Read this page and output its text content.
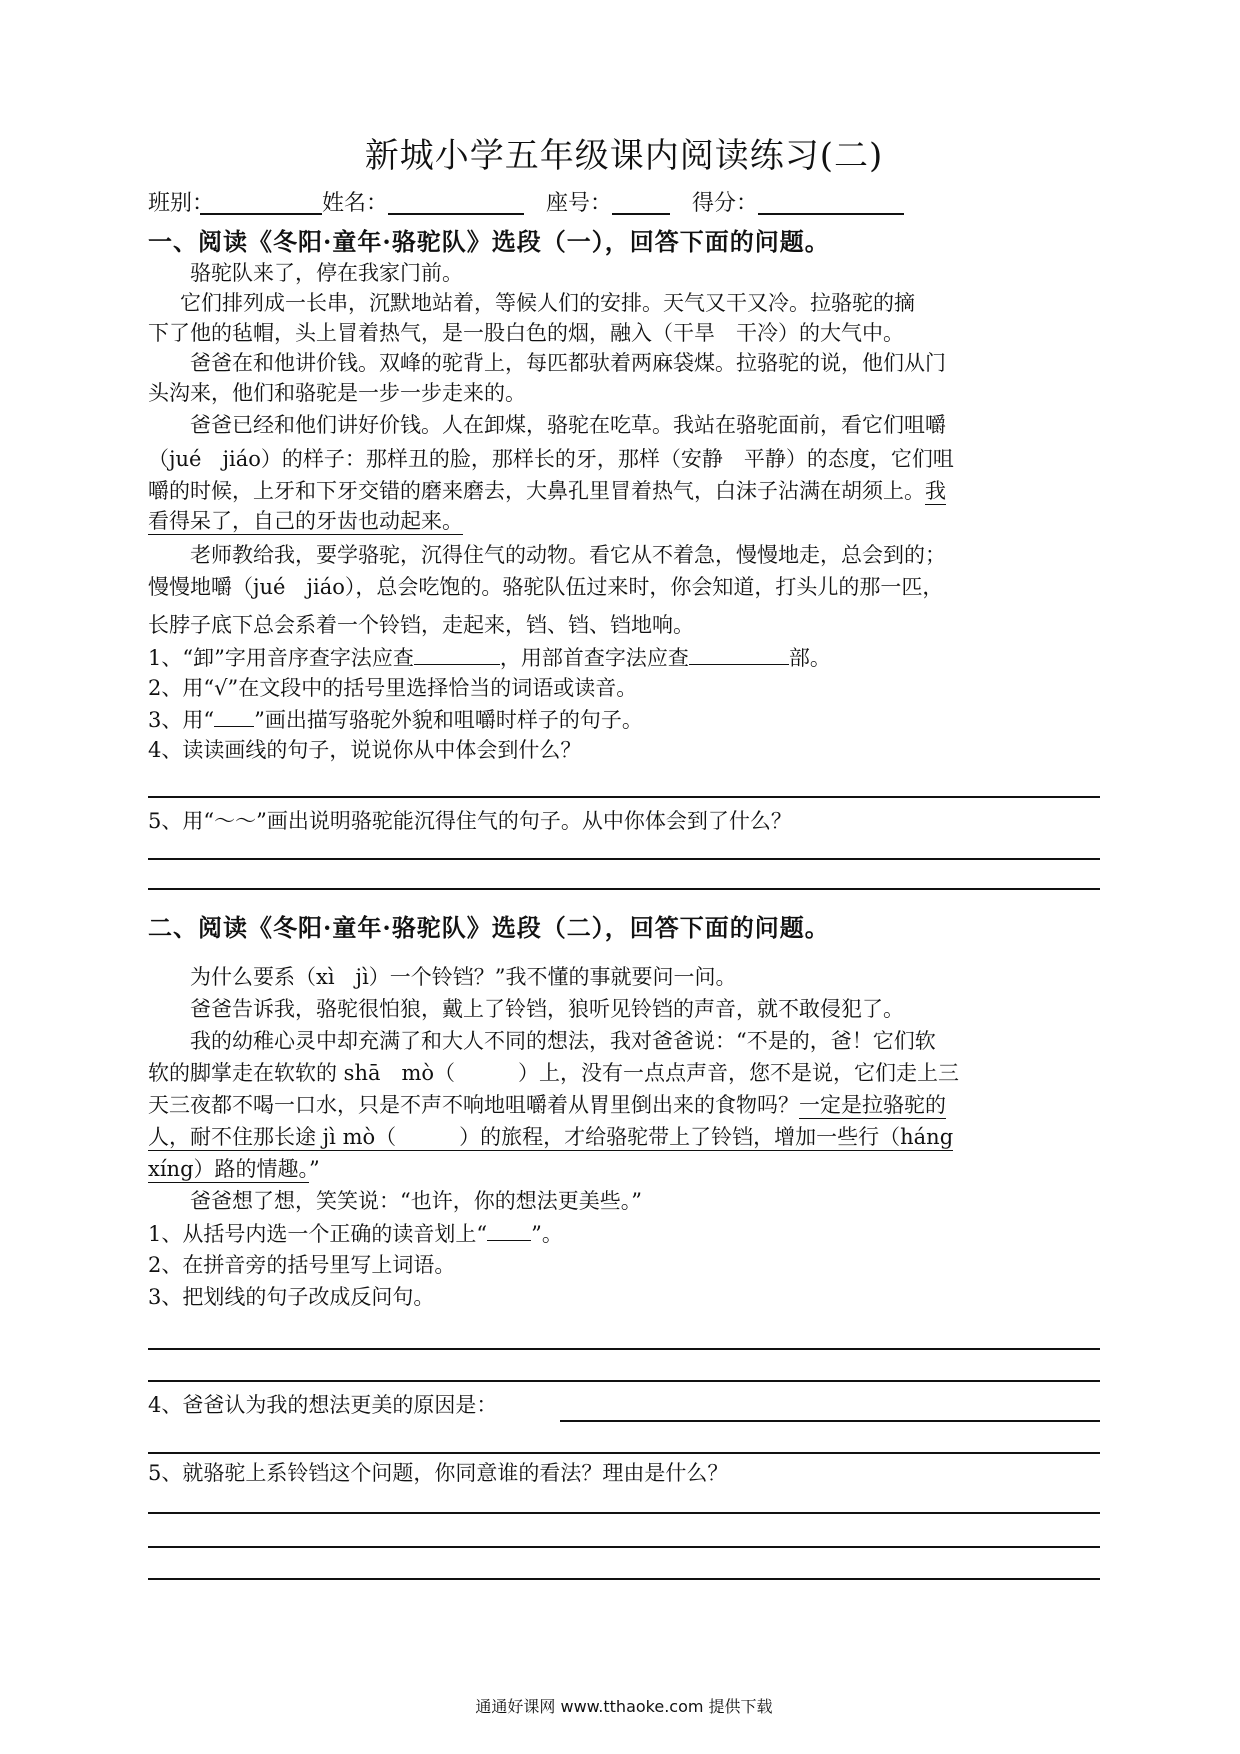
新城小学五年级课内阅读练习(二)
班别：	姓名：	座号：	得分：
一、阅读《冬阳·童年·骆驼队》选段（一），回答下面的问题。
骆驼队来了，停在我家门前。
它们排列成一长串，沉默地站着，等候人们的安排。天气又干又冷。拉骆驼的摘
下了他的毡帽，头上冒着热气，是一股白色的烟，融入（干旱　干冷）的大气中。
爸爸在和他讲价钱。双峰的驼背上，每匹都驮着两麻袋煤。拉骆驼的说，他们从门
头沟来，他们和骆驼是一步一步走来的。
爸爸已经和他们讲好价钱。人在卸煤，骆驼在吃草。我站在骆驼面前，看它们咀嚼
（jué　jiáo）的样子：那样丑的脸，那样长的牙，那样（安静　平静）的态度，它们咀
嚼的时候，上牙和下牙交错的磨来磨去，大鼻孔里冒着热气，白沫子沾满在胡须上。我
看得呆了，自己的牙齿也动起来。
老师教给我，要学骆驼，沉得住气的动物。看它从不着急，慢慢地走，总会到的；
慢慢地嚼（jué　jiáo），总会吃饱的。骆驼队伍过来时，你会知道，打头儿的那一匹，
长脖子底下总会系着一个铃铛，走起来，铛、铛、铛地响。
1、“卸”字用音序查字法应查	，用部首查字法应查	部。
2、用“√”在文段中的括号里选择恰当的词语或读音。
3、用“ ”画出描写骆驼外貌和咀嚼时样子的句子。
4、读读画线的句子，说说你从中体会到什么？
5、用“～～”画出说明骆驼能沉得住气的句子。从中你体会到了什么？
二、阅读《冬阳·童年·骆驼队》选段（二），回答下面的问题。
为什么要系（xì　jì）一个铃铛？”我不懂的事就要问一问。
爸爸告诉我，骆驼很怕狼，戴上了铃铛，狼听见铃铛的声音，就不敢侵犯了。
我的幼稚心灵中却充满了和大人不同的想法，我对爸爸说：“不是的，爸！它们软
软的脚掌走在软软的 shā　mò（　　　）上，没有一点点声音，您不是说，它们走上三
天三夜都不喝一口水，只是不声不响地咀嚼着从胃里倒出来的食物吗？一定是拉骆驼的
人，耐不住那长途 jì mò（　　　）的旅程，才给骆驼带上了铃铛，增加一些行（háng
xíng）路的情趣。”
爸爸想了想，笑笑说：“也许，你的想法更美些。”
1、从括号内选一个正确的读音划上“ ”。
2、在拼音旁的括号里写上词语。
3、把划线的句子改成反问句。
4、爸爸认为我的想法更美的原因是：
5、就骆驼上系铃铛这个问题，你同意谁的看法？理由是什么？
通通好课网 www.tthaoke.com 提供下载
